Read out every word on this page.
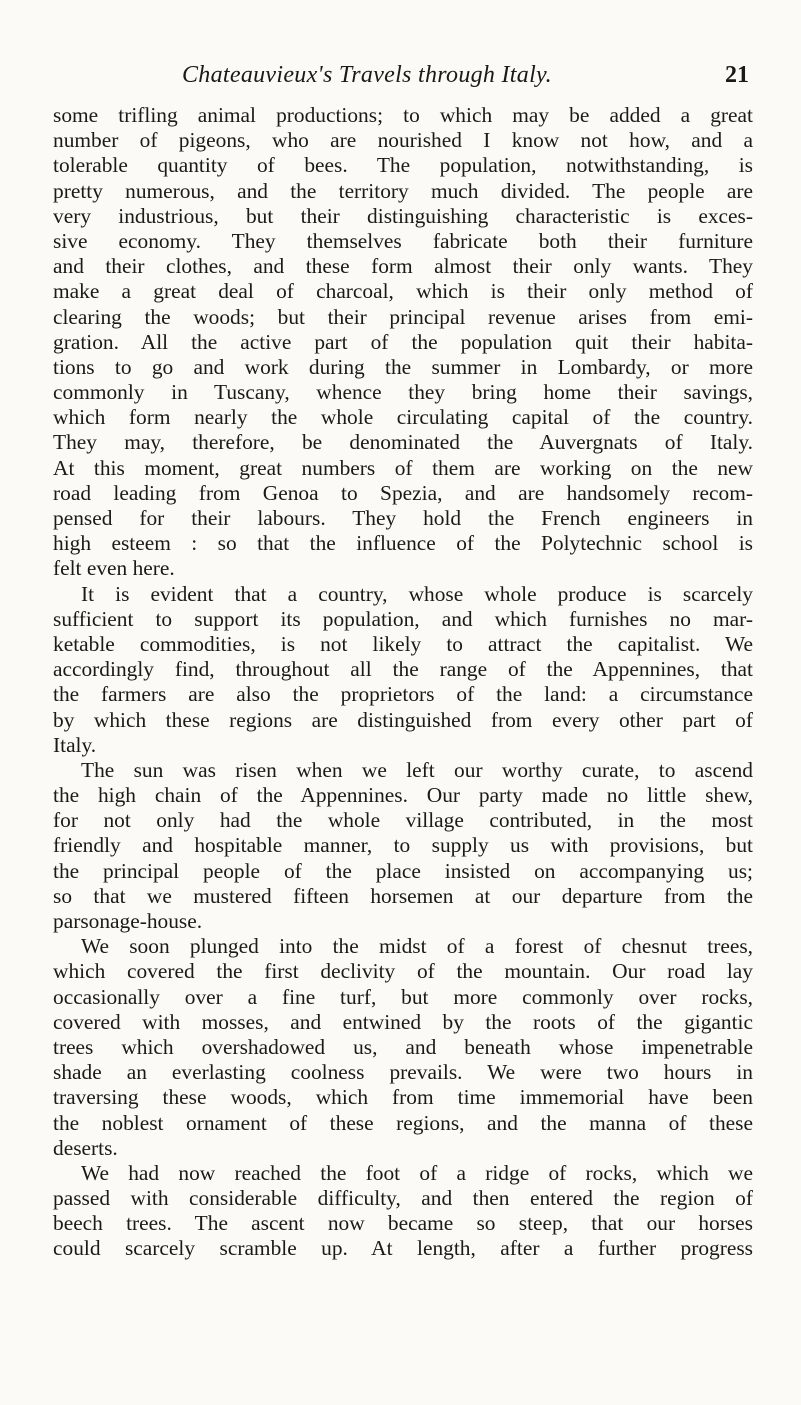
Chateauvieux's Travels through Italy.	21
some trifling animal productions; to which may be added a great
number of pigeons, who are nourished I know not how, and a
tolerable quantity of bees. The population, notwithstanding, is
pretty numerous, and the territory much divided. The people are
very industrious, but their distinguishing characteristic is exces-
sive economy. They themselves fabricate both their furniture
and their clothes, and these form almost their only wants. They
make a great deal of charcoal, which is their only method of
clearing the woods; but their principal revenue arises from emi-
gration. All the active part of the population quit their habita-
tions to go and work during the summer in Lombardy, or more
commonly in Tuscany, whence they bring home their savings,
which form nearly the whole circulating capital of the country.
They may, therefore, be denominated the Auvergnats of Italy.
At this moment, great numbers of them are working on the new
road leading from Genoa to Spezia, and are handsomely recom-
pensed for their labours. They hold the French engineers in
high esteem : so that the influence of the Polytechnic school is
felt even here.
It is evident that a country, whose whole produce is scarcely
sufficient to support its population, and which furnishes no mar-
ketable commodities, is not likely to attract the capitalist. We
accordingly find, throughout all the range of the Appennines, that
the farmers are also the proprietors of the land: a circumstance
by which these regions are distinguished from every other part of
Italy.
The sun was risen when we left our worthy curate, to ascend
the high chain of the Appennines. Our party made no little shew,
for not only had the whole village contributed, in the most
friendly and hospitable manner, to supply us with provisions, but
the principal people of the place insisted on accompanying us;
so that we mustered fifteen horsemen at our departure from the
parsonage-house.
We soon plunged into the midst of a forest of chesnut trees,
which covered the first declivity of the mountain. Our road lay
occasionally over a fine turf, but more commonly over rocks,
covered with mosses, and entwined by the roots of the gigantic
trees which overshadowed us, and beneath whose impenetrable
shade an everlasting coolness prevails. We were two hours in
traversing these woods, which from time immemorial have been
the noblest ornament of these regions, and the manna of these
deserts.
We had now reached the foot of a ridge of rocks, which we
passed with considerable difficulty, and then entered the region of
beech trees. The ascent now became so steep, that our horses
could scarcely scramble up. At length, after a further progress
